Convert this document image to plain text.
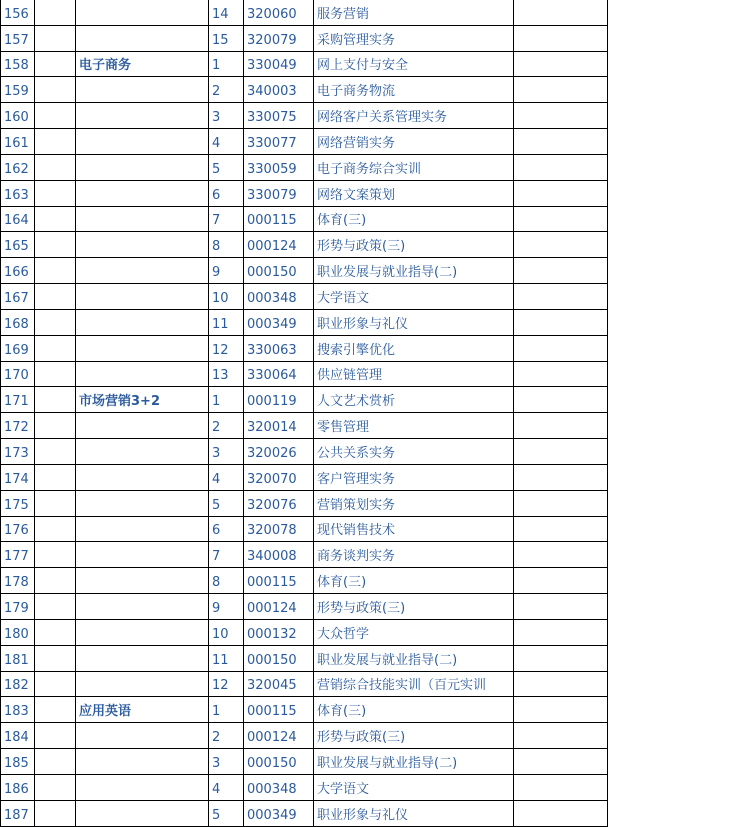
156			14	320060	服务营销	
157			15	320079	采购管理实务	
158		电子商务	1	330049	网上支付与安全	
159			2	340003	电子商务物流	
160			3	330075	网络客户关系管理实务	
161			4	330077	网络营销实务	
162			5	330059	电子商务综合实训	
163			6	330079	网络文案策划	
164			7	000115	体育(三)	
165			8	000124	形势与政策(三)	
166			9	000150	职业发展与就业指导(二)	
167			10	000348	大学语文	
168			11	000349	职业形象与礼仪	
169			12	330063	搜索引擎优化	
170			13	330064	供应链管理	
171		市场营销3+2	1	000119	人文艺术赏析	
172			2	320014	零售管理	
173			3	320026	公共关系实务	
174			4	320070	客户管理实务	
175			5	320076	营销策划实务	
176			6	320078	现代销售技术	
177			7	340008	商务谈判实务	
178			8	000115	体育(三)	
179			9	000124	形势与政策(三)	
180			10	000132	大众哲学	
181			11	000150	职业发展与就业指导(二)	
182			12	320045	营销综合技能实训（百元实训	
183		应用英语	1	000115	体育(三)	
184			2	000124	形势与政策(三)	
185			3	000150	职业发展与就业指导(二)	
186			4	000348	大学语文	
187			5	000349	职业形象与礼仪	
